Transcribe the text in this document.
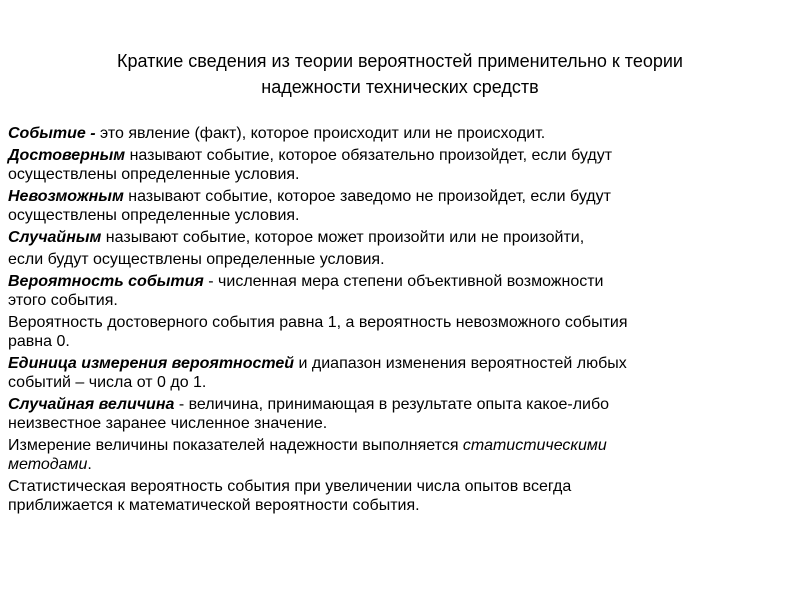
Краткие сведения из теории вероятностей применительно к теории
надежности технических средств
Событие - это явление (факт), которое происходит или не происходит.
Достоверным называют событие, которое обязательно произойдет, если будут
осуществлены определенные условия.
Невозможным называют событие, которое заведомо не произойдет, если будут
осуществлены определенные условия.
Случайным называют событие, которое может произойти или не произойти,
если будут осуществлены определенные условия.
Вероятность события - численная мера степени объективной возможности
этого события.
Вероятность достоверного события равна 1, а вероятность невозможного события
равна 0.
Единица измерения вероятностей и диапазон изменения вероятностей любых
событий – числа от 0 до 1.
Случайная величина - величина, принимающая в результате опыта какое-либо
неизвестное заранее численное значение.
Измерение величины показателей надежности выполняется статистическими
методами.
Статистическая вероятность события при увеличении числа опытов всегда
приближается к математической вероятности события.
